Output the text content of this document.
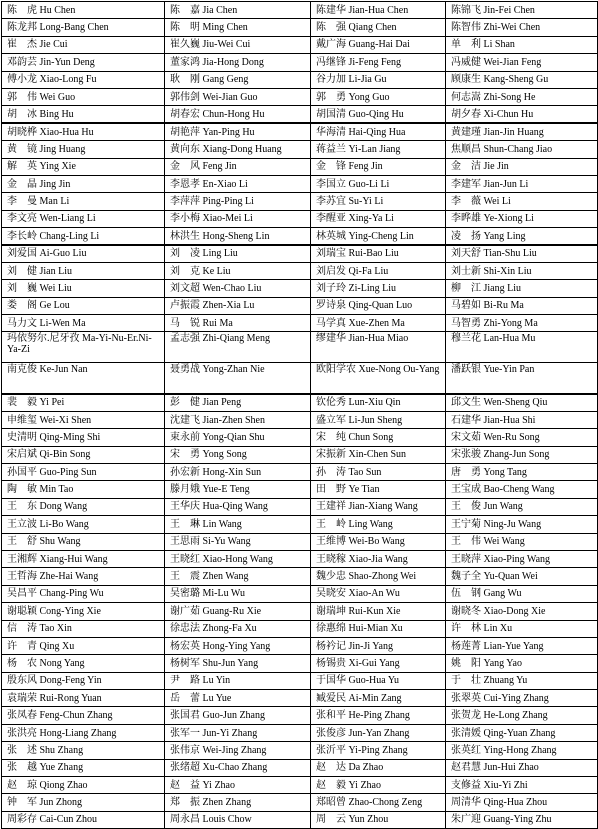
陈　虎 Hu Chen	陈　嘉 Jia Chen	陈建华 Jian-Hua Chen	陈锦飞 Jin-Fei Chen
陈龙邦 Long-Bang Chen	陈　明 Ming Chen	陈　强 Qiang Chen	陈智伟 Zhi-Wei Chen
崔　杰 Jie Cui	崔久巍 Jiu-Wei Cui	戴广海 Guang-Hai Dai	单　利 Li Shan
邓韵芸 Jin-Yun Deng	董家鸿 Jia-Hong Dong	冯继锋 Ji-Feng Feng	冯威健 Wei-Jian Feng
傅小龙 Xiao-Long Fu	耿　刚 Gang Geng	谷力加 Li-Jia Gu	顾康生 Kang-Sheng Gu
郭　伟 Wei Guo	郭伟剑 Wei-Jian Guo	郭　勇 Yong Guo	何志嵩 Zhi-Song He
胡　冰 Bing Hu	胡春宏 Chun-Hong Hu	胡国清 Guo-Qing Hu	胡夕春 Xi-Chun Hu
胡晓桦 Xiao-Hua Hu	胡艳萍 Yan-Ping Hu	华海清 Hai-Qing Hua	黄建瑾 Jian-Jin Huang
黄　镜 Jing Huang	黄向东 Xiang-Dong Huang	蒋益兰 Yi-Lan Jiang	焦顺昌 Shun-Chang Jiao
解　英 Ying Xie	金　风 Feng Jin	金　锋 Feng Jin	金　洁 Jie Jin
金　晶 Jing Jin	李恩孝 En-Xiao Li	李国立 Guo-Li Li	李建军 Jian-Jun Li
李　曼 Man Li	李萍萍 Ping-Ping Li	李苏宜 Su-Yi Li	李　薇 Wei Li
李文亮 Wen-Liang Li	李小梅 Xiao-Mei Li	李醒亚 Xing-Ya Li	李晔雄 Ye-Xiong Li
李长岭 Chang-Ling Li	林洪生 Hong-Sheng Lin	林英城 Ying-Cheng Lin	凌　扬 Yang Ling
刘爱国 Ai-Guo Liu	刘　凌 Ling Liu	刘瑞宝 Rui-Bao Liu	刘天舒 Tian-Shu Liu
刘　健 Jian Liu	刘　克 Ke Liu	刘启发 Qi-Fa Liu	刘士新 Shi-Xin Liu
刘　巍 Wei Liu	刘文超 Wen-Chao Liu	刘子玲 Zi-Ling Liu	柳　江 Jiang Liu
娄　阁 Ge Lou	卢振霞 Zhen-Xia Lu	罗诗泉 Qing-Quan Luo	马碧如 Bi-Ru Ma
马力文 Li-Wen Ma	马　锐 Rui Ma	马学真 Xue-Zhen Ma	马智勇 Zhi-Yong Ma
玛依努尔.尼牙孜 Ma-Yi-Nu-Er.Ni-Ya-Zi	孟志强 Zhi-Qiang Meng	缪建华 Jian-Hua Miao	穆兰花 Lan-Hua Mu
南克俊 Ke-Jun Nan	聂勇战 Yong-Zhan Nie	欧阳学农 Xue-Nong Ou-Yang	潘跃银 Yue-Yin Pan
裴　毅 Yi Pei	彭　健 Jian Peng	钦伦秀 Lun-Xiu Qin	邱文生 Wen-Sheng Qiu
申维玺 Wei-Xi Shen	沈建飞 Jian-Zhen Shen	盛立军 Li-Jun Sheng	石建华 Jian-Hua Shi
史清明 Qing-Ming Shi	束永前 Yong-Qian Shu	宋　纯 Chun Song	宋文茹 Wen-Ru Song
宋启斌 Qi-Bin Song	宋　勇 Yong Song	宋振新 Xin-Chen Sun	宋张骏 Zhang-Jun Song
孙国平 Guo-Ping Sun	孙宏新 Hong-Xin Sun	孙　涛 Tao Sun	唐　勇 Yong Tang
陶　敏 Min Tao	滕月娥 Yue-E Teng	田　野 Ye Tian	王宝成 Bao-Cheng Wang
王　东 Dong Wang	王华庆 Hua-Qing Wang	王建祥 Jian-Xiang Wang	王　俊 Jun Wang
王立波 Li-Bo Wang	王　琳 Lin Wang	王　岭 Ling Wang	王宁菊 Ning-Ju Wang
王　舒 Shu Wang	王思雨 Si-Yu Wang	王维博 Wei-Bo Wang	王　伟 Wei Wang
王湘辉 Xiang-Hui Wang	王晓红 Xiao-Hong Wang	王晓稼 Xiao-Jia Wang	王晓萍 Xiao-Ping Wang
王哲海 Zhe-Hai Wang	王　震 Zhen Wang	魏少忠 Shao-Zhong Wei	魏子全 Yu-Quan Wei
吴昌平 Chang-Ping Wu	吴密璐 Mi-Lu Wu	吴晓安 Xiao-An Wu	伍　钢 Gang Wu
谢聪颖 Cong-Ying Xie	谢广茹 Guang-Ru Xie	谢瑞坤 Rui-Kun Xie	谢晓冬 Xiao-Dong Xie
信　涛 Tao Xin	徐忠法 Zhong-Fa Xu	徐惠绵 Hui-Mian Xu	许　林 Lin Xu
许　青 Qing Xu	杨宏英 Hong-Ying Yang	杨衿记 Jin-Ji Yang	杨莲菁 Lian-Yue Yang
杨　农 Nong Yang	杨树军 Shu-Jun Yang	杨锡贵 Xi-Gui Yang	姚　阳 Yang Yao
殷东风 Dong-Feng Yin	尹　路 Lu Yin	于国华 Guo-Hua Yu	于　壮 Zhuang Yu
袁瑞荣 Rui-Rong Yuan	岳　蕾 Lu Yue	臧爱民 Ai-Min Zang	张翠英 Cui-Ying Zhang
张凤春 Feng-Chun Zhang	张国君 Guo-Jun Zhang	张和平 He-Ping Zhang	张贺龙 He-Long Zhang
张洪亮 Hong-Liang Zhang	张军一 Jun-Yi Zhang	张俊彦 Jun-Yan Zhang	张清媛 Qing-Yuan Zhang
张　述 Shu Zhang	张伟京 Wei-Jing Zhang	张沂平 Yi-Ping Zhang	张英红 Ying-Hong Zhang
张　越 Yue Zhang	张绪超 Xu-Chao Zhang	赵　达 Da Zhao	赵君慧 Jun-Hui Zhao
赵　琼 Qiong Zhao	赵　益 Yi Zhao	赵　毅 Yi Zhao	支修益 Xiu-Yi Zhi
钟　军 Jun Zhong	郑　振 Zhen Zhang	郑昭曾 Zhao-Chong Zeng	周清华 Qing-Hua Zhou
周彩存 Cai-Cun Zhou	周永昌 Louis Chow	周　云 Yun Zhou	朱广迎 Guang-Ying Zhu
